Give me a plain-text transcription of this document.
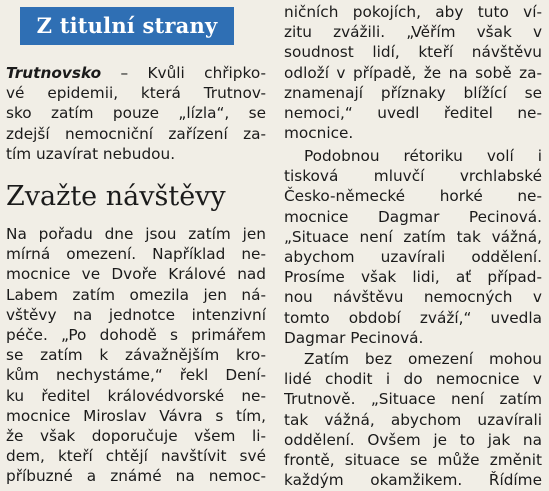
Z titulní strany
Trutnovsko – Kvůli chřipko-
vé epidemii, která Trutnov-
sko zatím pouze „lízla“, se
zdejší nemocniční zařízení za-
tím uzavírat nebudou.
Zvažte návštěvy
Na pořadu dne jsou zatím jen
mírná omezení. Například ne-
mocnice ve Dvoře Králové nad
Labem zatím omezila jen ná-
vštěvy na jednotce intenzivní
péče. „Po dohodě s primářem
se zatím k závažnějším kro-
kům nechystáme,“ řekl Dení-
ku ředitel královédvorské ne-
mocnice Miroslav Vávra s tím,
že však doporučuje všem li-
dem, kteří chtějí navštívit své
příbuzné a známé na nemoc-
ničních pokojích, aby tuto ví-
zitu zvážili. „Věřím však v
soudnost lidí, kteří návštěvu
odloží v případě, že na sobě za-
znamenají příznaky blížící se
nemoci,“ uvedl ředitel ne-
mocnice.
Podobnou rétoriku volí i
tisková mluvčí vrchlabské
Česko-německé horké ne-
mocnice Dagmar Pecinová.
„Situace není zatím tak vážná,
abychom uzavírali oddělení.
Prosíme však lidi, ať případ-
nou návštěvu nemocných v
tomto období zváží,“ uvedla
Dagmar Pecinová.
Zatím bez omezení mohou
lidé chodit i do nemocnice v
Trutnově. „Situace není zatím
tak vážná, abychom uzavírali
oddělení. Ovšem je to jak na
frontě, situace se může změnit
každým okamžikem. Řídíme
